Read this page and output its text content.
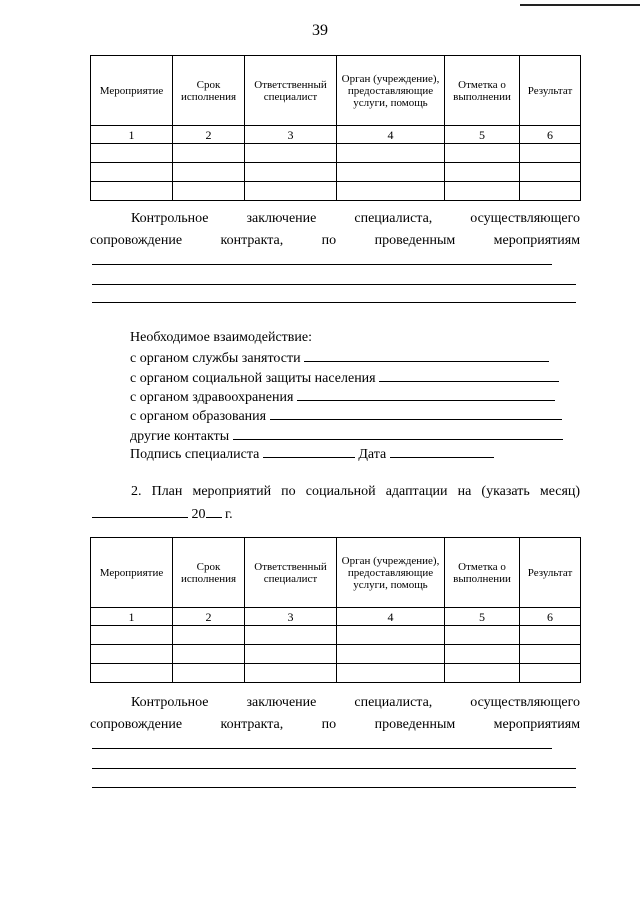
39
Мероприятие	Срок исполнения	Ответственный специалист	Орган (учреждение), предоставляющие услуги, помощь	Отметка о выполнении	Результат
1	2	3	4	5	6

Контрольное	заключение	специалиста,	осуществляющего
сопровождение	контракта,	по	проведенным	мероприятиям
Необходимое взаимодействие:
с органом службы занятости
с органом социальной защиты населения
с органом здравоохранения
с органом образования
другие контакты
Подпись специалиста	Дата
2. План мероприятий по социальной адаптации на (указать месяц)
20 г.
Мероприятие	Срок исполнения	Ответственный специалист	Орган (учреждение), предоставляющие услуги, помощь	Отметка о выполнении	Результат
1	2	3	4	5	6

Контрольное	заключение	специалиста,	осуществляющего
сопровождение	контракта,	по	проведенным	мероприятиям
